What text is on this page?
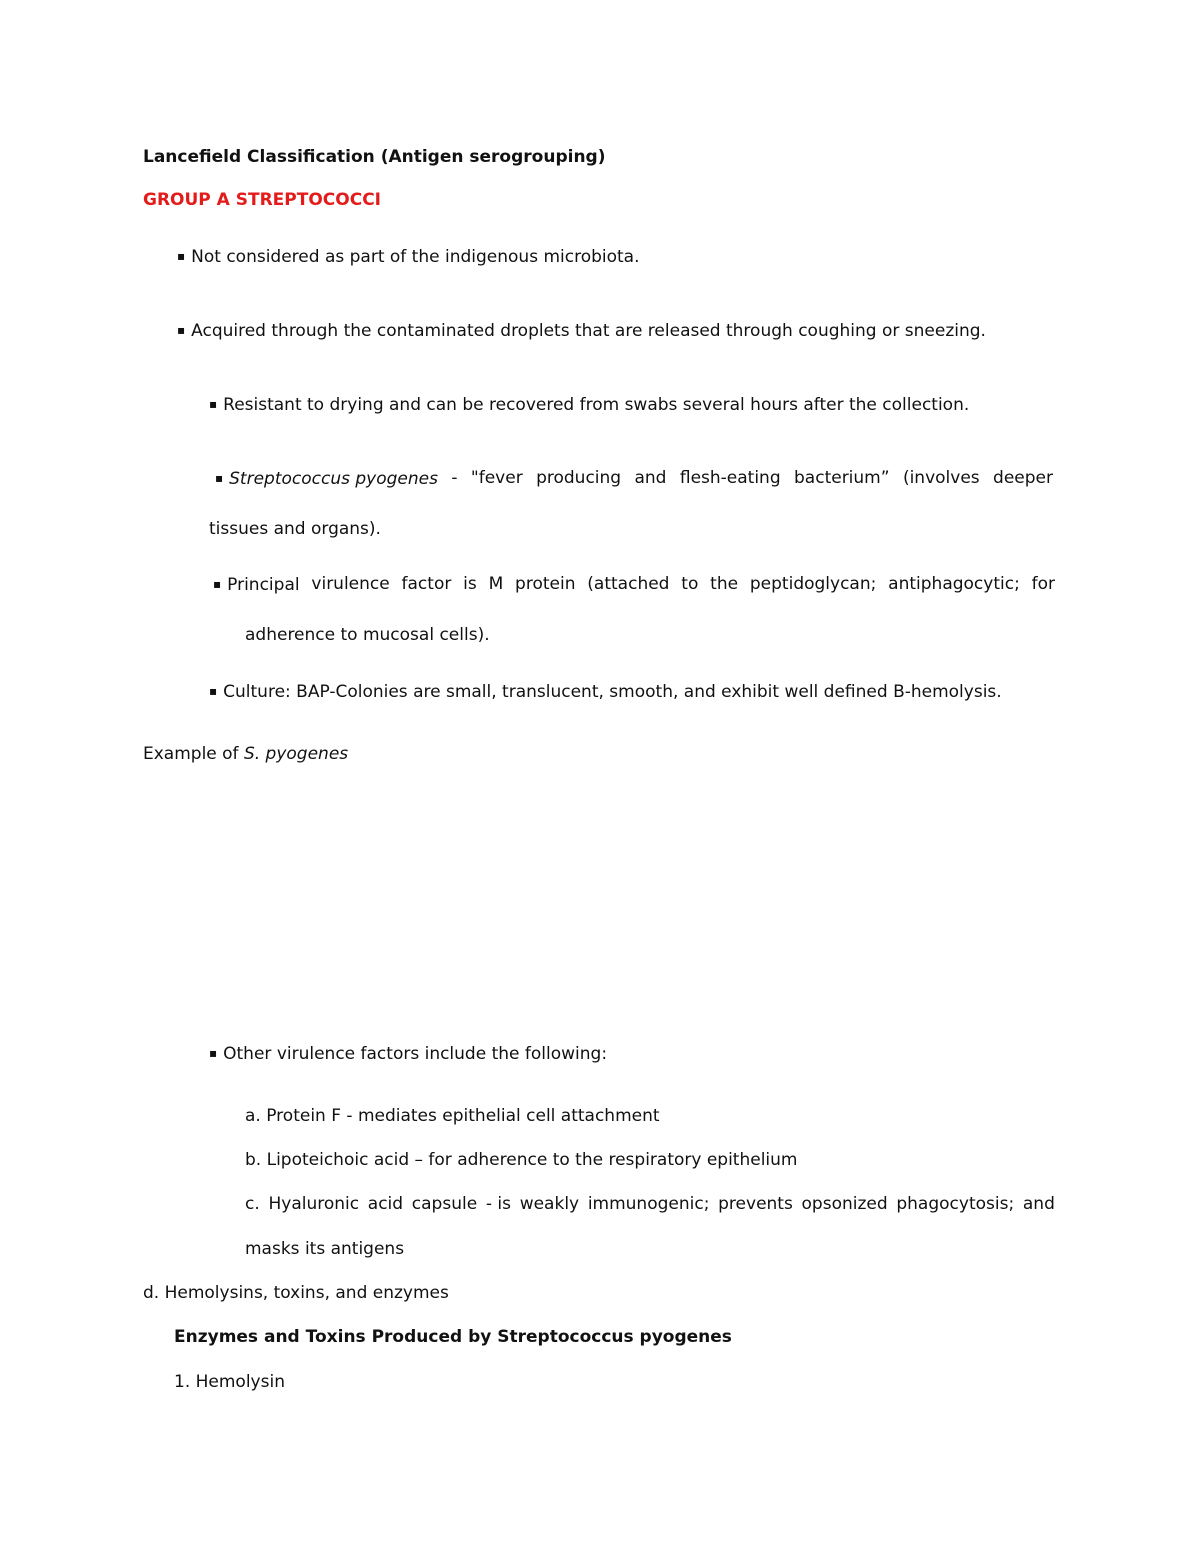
Lancefield Classification (Antigen serogrouping)
GROUP A STREPTOCOCCI
▪ Not considered as part of the indigenous microbiota.
▪ Acquired through the contaminated droplets that are released through coughing or sneezing.
▪ Resistant to drying and can be recovered from swabs several hours after the collection.
▪ Streptococcus pyogenes - "fever producing and flesh-eating bacterium” (involves deeper
tissues and organs).
▪ Principal virulence factor is M protein (attached to the peptidoglycan; antiphagocytic; for
adherence to mucosal cells).
▪ Culture: BAP-Colonies are small, translucent, smooth, and exhibit well defined B-hemolysis.
Example of S. pyogenes
▪ Other virulence factors include the following:
a. Protein F - mediates epithelial cell attachment
b. Lipoteichoic acid – for adherence to the respiratory epithelium
c. Hyaluronic acid capsule - is weakly immunogenic; prevents opsonized phagocytosis; and
masks its antigens
d. Hemolysins, toxins, and enzymes
Enzymes and Toxins Produced by Streptococcus pyogenes
1. Hemolysin
